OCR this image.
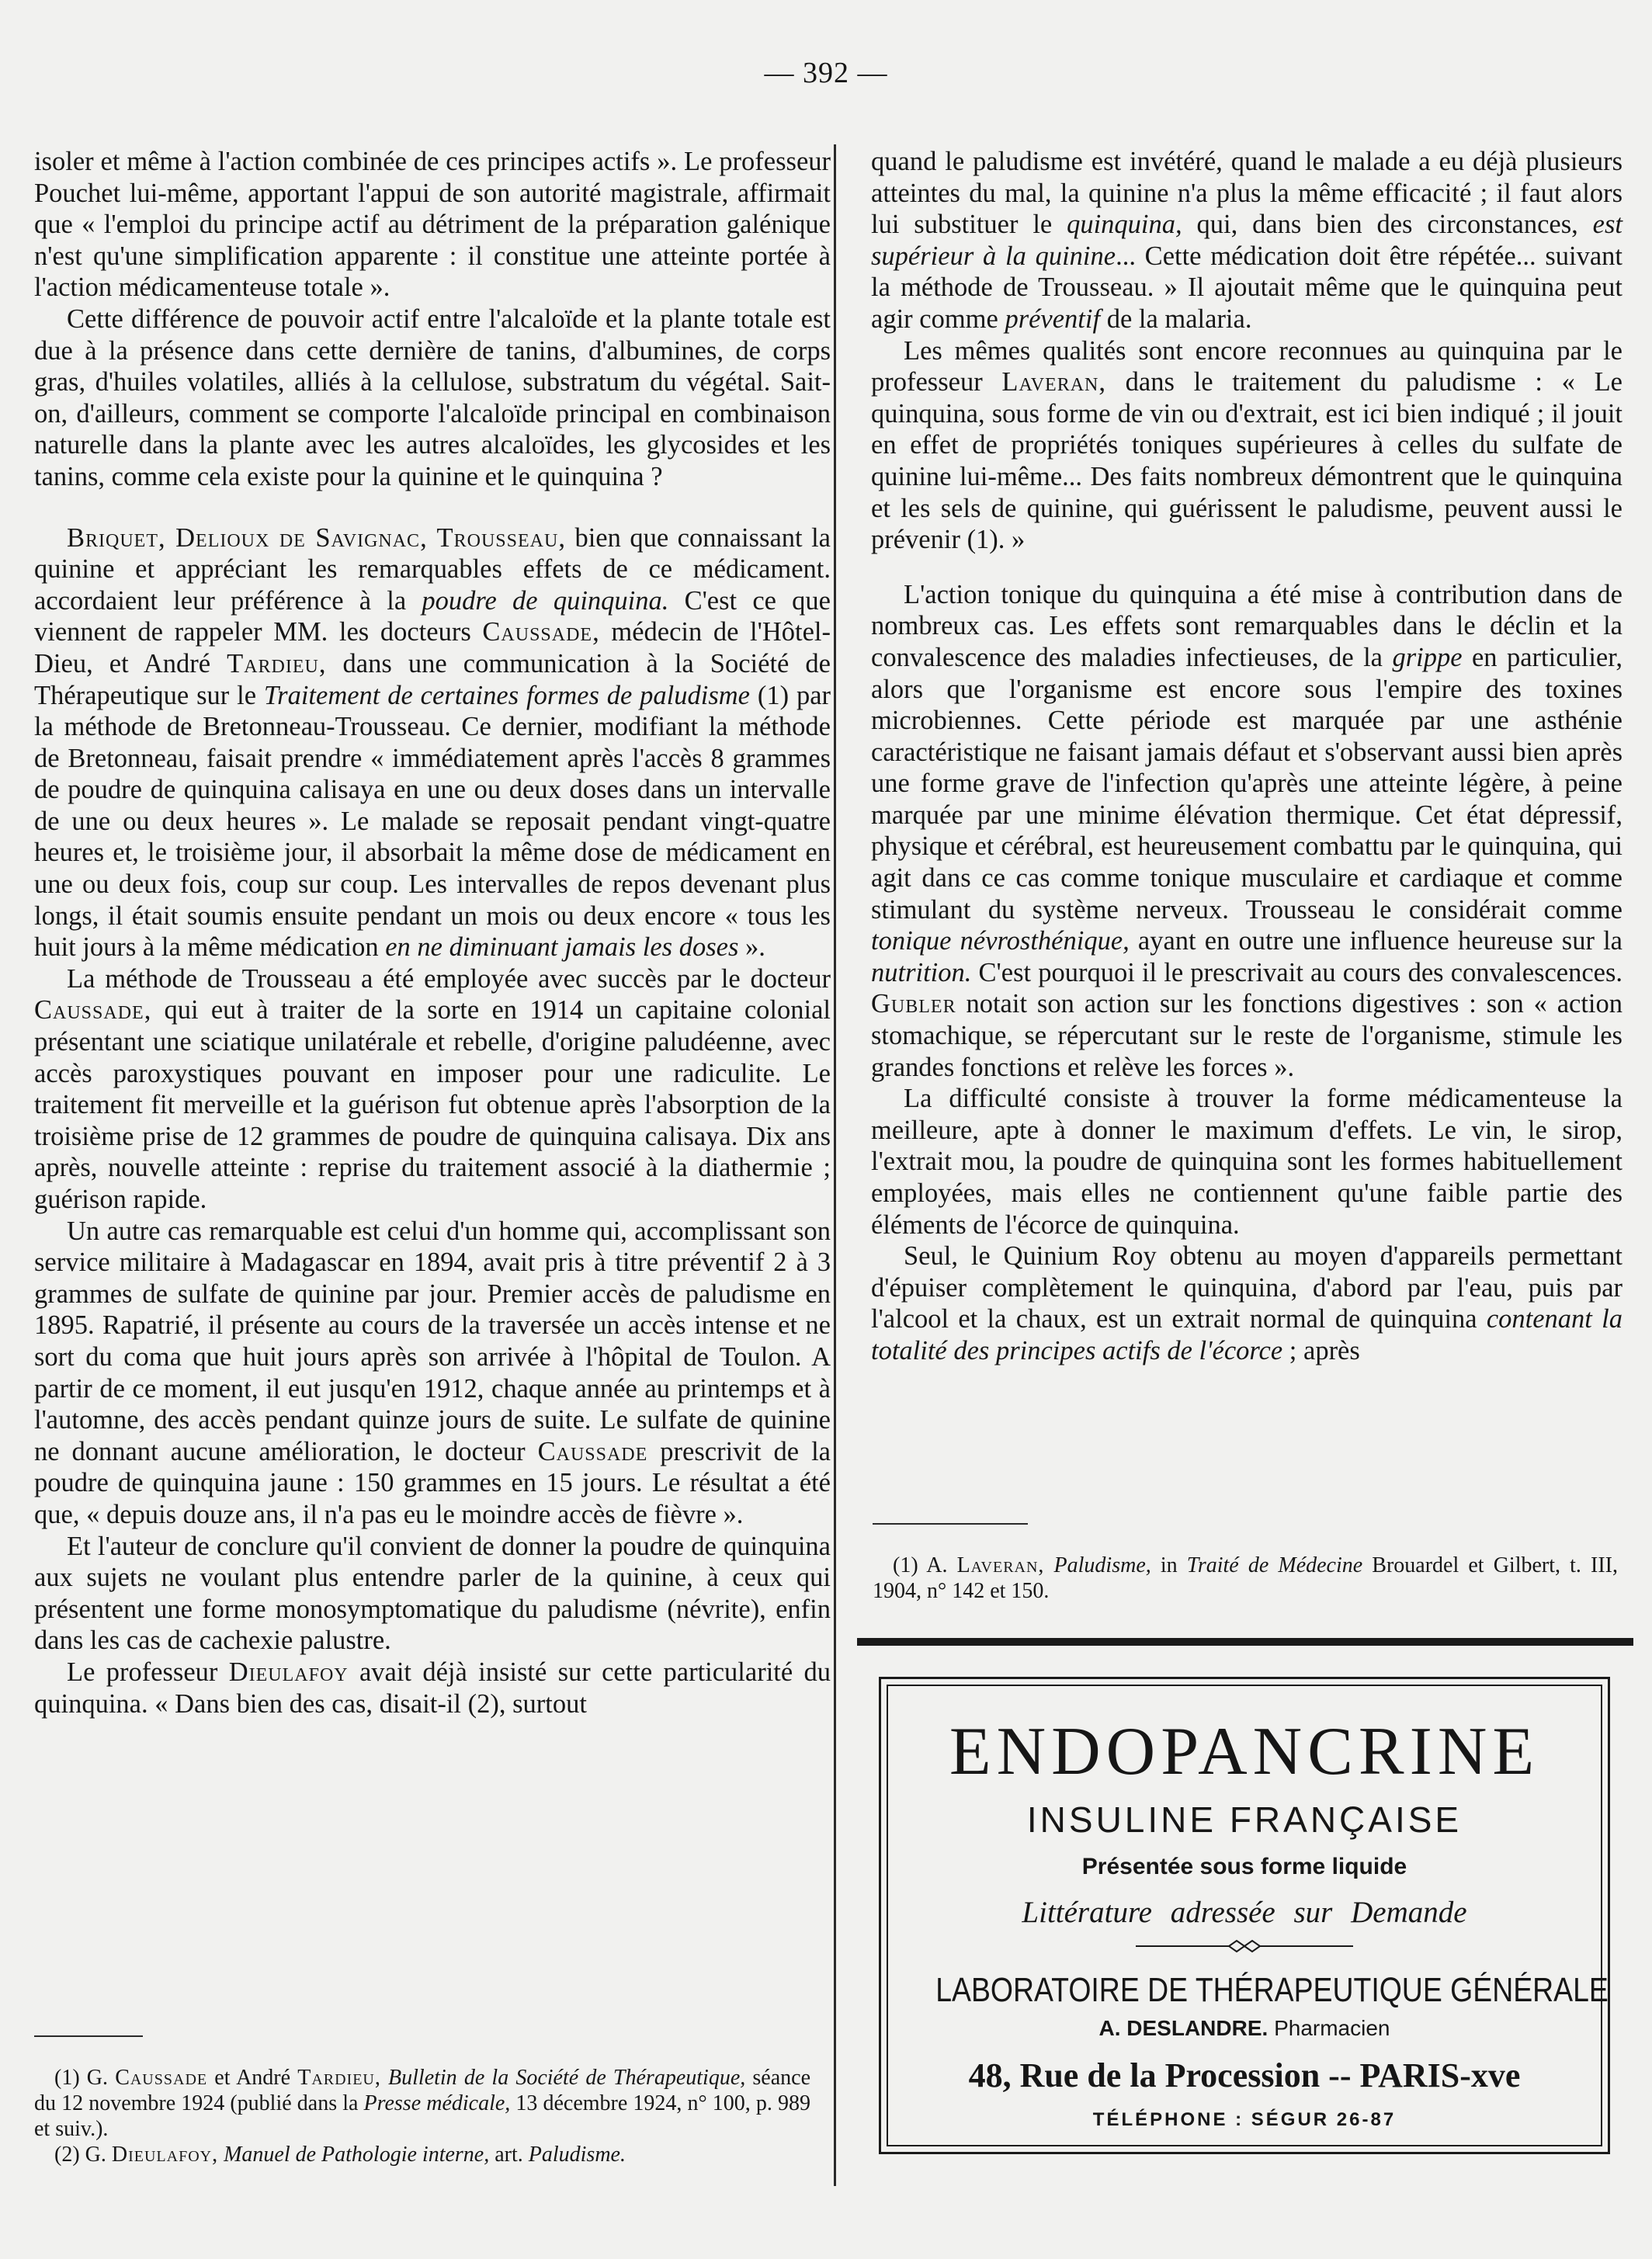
— 392 —

isoler et même à l'action combinée de ces principes actifs ». Le professeur Pouchet lui-même, apportant l'appui de son autorité magistrale, affirmait que « l'emploi du principe actif au détriment de la préparation galénique n'est qu'une simplification apparente : il constitue une atteinte portée à l'action médicamenteuse totale ».

Cette différence de pouvoir actif entre l'alcaloïde et la plante totale est due à la présence dans cette dernière de tanins, d'albumines, de corps gras, d'huiles volatiles, alliés à la cellulose, substratum du végétal. Sait-on, d'ailleurs, comment se comporte l'alcaloïde principal en combinaison naturelle dans la plante avec les autres alcaloïdes, les glycosides et les tanins, comme cela existe pour la quinine et le quinquina ?

Briquet, Delioux de Savignac, Trousseau, bien que connaissant la quinine et appréciant les remarquables effets de ce médicament. accordaient leur préférence à la poudre de quinquina. C'est ce que viennent de rappeler MM. les docteurs Caussade, médecin de l'Hôtel-Dieu, et André Tardieu, dans une communication à la Société de Thérapeutique sur le Traitement de certaines formes de paludisme (1) par la méthode de Bretonneau-Trousseau. Ce dernier, modifiant la méthode de Bretonneau, faisait prendre « immédiatement après l'accès 8 grammes de poudre de quinquina calisaya en une ou deux doses dans un intervalle de une ou deux heures ». Le malade se reposait pendant vingt-quatre heures et, le troisième jour, il absorbait la même dose de médicament en une ou deux fois, coup sur coup. Les intervalles de repos devenant plus longs, il était soumis ensuite pendant un mois ou deux encore « tous les huit jours à la même médication en ne diminuant jamais les doses ».

La méthode de Trousseau a été employée avec succès par le docteur Caussade, qui eut à traiter de la sorte en 1914 un capitaine colonial présentant une sciatique unilatérale et rebelle, d'origine paludéenne, avec accès paroxystiques pouvant en imposer pour une radiculite. Le traitement fit merveille et la guérison fut obtenue après l'absorption de la troisième prise de 12 grammes de poudre de quinquina calisaya. Dix ans après, nouvelle atteinte : reprise du traitement associé à la diathermie ; guérison rapide.

Un autre cas remarquable est celui d'un homme qui, accomplissant son service militaire à Madagascar en 1894, avait pris à titre préventif 2 à 3 grammes de sulfate de quinine par jour. Premier accès de paludisme en 1895. Rapatrié, il présente au cours de la traversée un accès intense et ne sort du coma que huit jours après son arrivée à l'hôpital de Toulon. A partir de ce moment, il eut jusqu'en 1912, chaque année au printemps et à l'automne, des accès pendant quinze jours de suite. Le sulfate de quinine ne donnant aucune amélioration, le docteur Caussade prescrivit de la poudre de quinquina jaune : 150 grammes en 15 jours. Le résultat a été que, « depuis douze ans, il n'a pas eu le moindre accès de fièvre ».

Et l'auteur de conclure qu'il convient de donner la poudre de quinquina aux sujets ne voulant plus entendre parler de la quinine, à ceux qui présentent une forme monosymptomatique du paludisme (névrite), enfin dans les cas de cachexie palustre.

Le professeur Dieulafoy avait déjà insisté sur cette particularité du quinquina. « Dans bien des cas, disait-il (2), surtout

(1) G. Caussade et André Tardieu, Bulletin de la Société de Thérapeutique, séance du 12 novembre 1924 (publié dans la Presse médicale, 13 décembre 1924, n° 100, p. 989 et suiv.).

(2) G. Dieulafoy, Manuel de Pathologie interne, art. Paludisme.

quand le paludisme est invétéré, quand le malade a eu déjà plusieurs atteintes du mal, la quinine n'a plus la même efficacité ; il faut alors lui substituer le quinquina, qui, dans bien des circonstances, est supérieur à la quinine... Cette médication doit être répétée... suivant la méthode de Trousseau. » Il ajoutait même que le quinquina peut agir comme préventif de la malaria.

Les mêmes qualités sont encore reconnues au quinquina par le professeur Laveran, dans le traitement du paludisme : « Le quinquina, sous forme de vin ou d'extrait, est ici bien indiqué ; il jouit en effet de propriétés toniques supérieures à celles du sulfate de quinine lui-même... Des faits nombreux démontrent que le quinquina et les sels de quinine, qui guérissent le paludisme, peuvent aussi le prévenir (1). »

L'action tonique du quinquina a été mise à contribution dans de nombreux cas. Les effets sont remarquables dans le déclin et la convalescence des maladies infectieuses, de la grippe en particulier, alors que l'organisme est encore sous l'empire des toxines microbiennes. Cette période est marquée par une asthénie caractéristique ne faisant jamais défaut et s'observant aussi bien après une forme grave de l'infection qu'après une atteinte légère, à peine marquée par une minime élévation thermique. Cet état dépressif, physique et cérébral, est heureusement combattu par le quinquina, qui agit dans ce cas comme tonique musculaire et cardiaque et comme stimulant du système nerveux. Trousseau le considérait comme tonique névrosthénique, ayant en outre une influence heureuse sur la nutrition. C'est pourquoi il le prescrivait au cours des convalescences. Gubler notait son action sur les fonctions digestives : son « action stomachique, se répercutant sur le reste de l'organisme, stimule les grandes fonctions et relève les forces ».

La difficulté consiste à trouver la forme médicamenteuse la meilleure, apte à donner le maximum d'effets. Le vin, le sirop, l'extrait mou, la poudre de quinquina sont les formes habituellement employées, mais elles ne contiennent qu'une faible partie des éléments de l'écorce de quinquina.

Seul, le Quinium Roy obtenu au moyen d'appareils permettant d'épuiser complètement le quinquina, d'abord par l'eau, puis par l'alcool et la chaux, est un extrait normal de quinquina contenant la totalité des principes actifs de l'écorce ; après

(1) A. Laveran, Paludisme, in Traité de Médecine Brouardel et Gilbert, t. III, 1904, n° 142 et 150.

ENDOPANCRINE
INSULINE FRANÇAISE
Présentée sous forme liquide
Littérature adressée sur Demande
LABORATOIRE DE THÉRAPEUTIQUE GÉNÉRALE
A. DESLANDRE. Pharmacien
48, Rue de la Procession -- PARIS-xve
TÉLÉPHONE : SÉGUR 26-87
